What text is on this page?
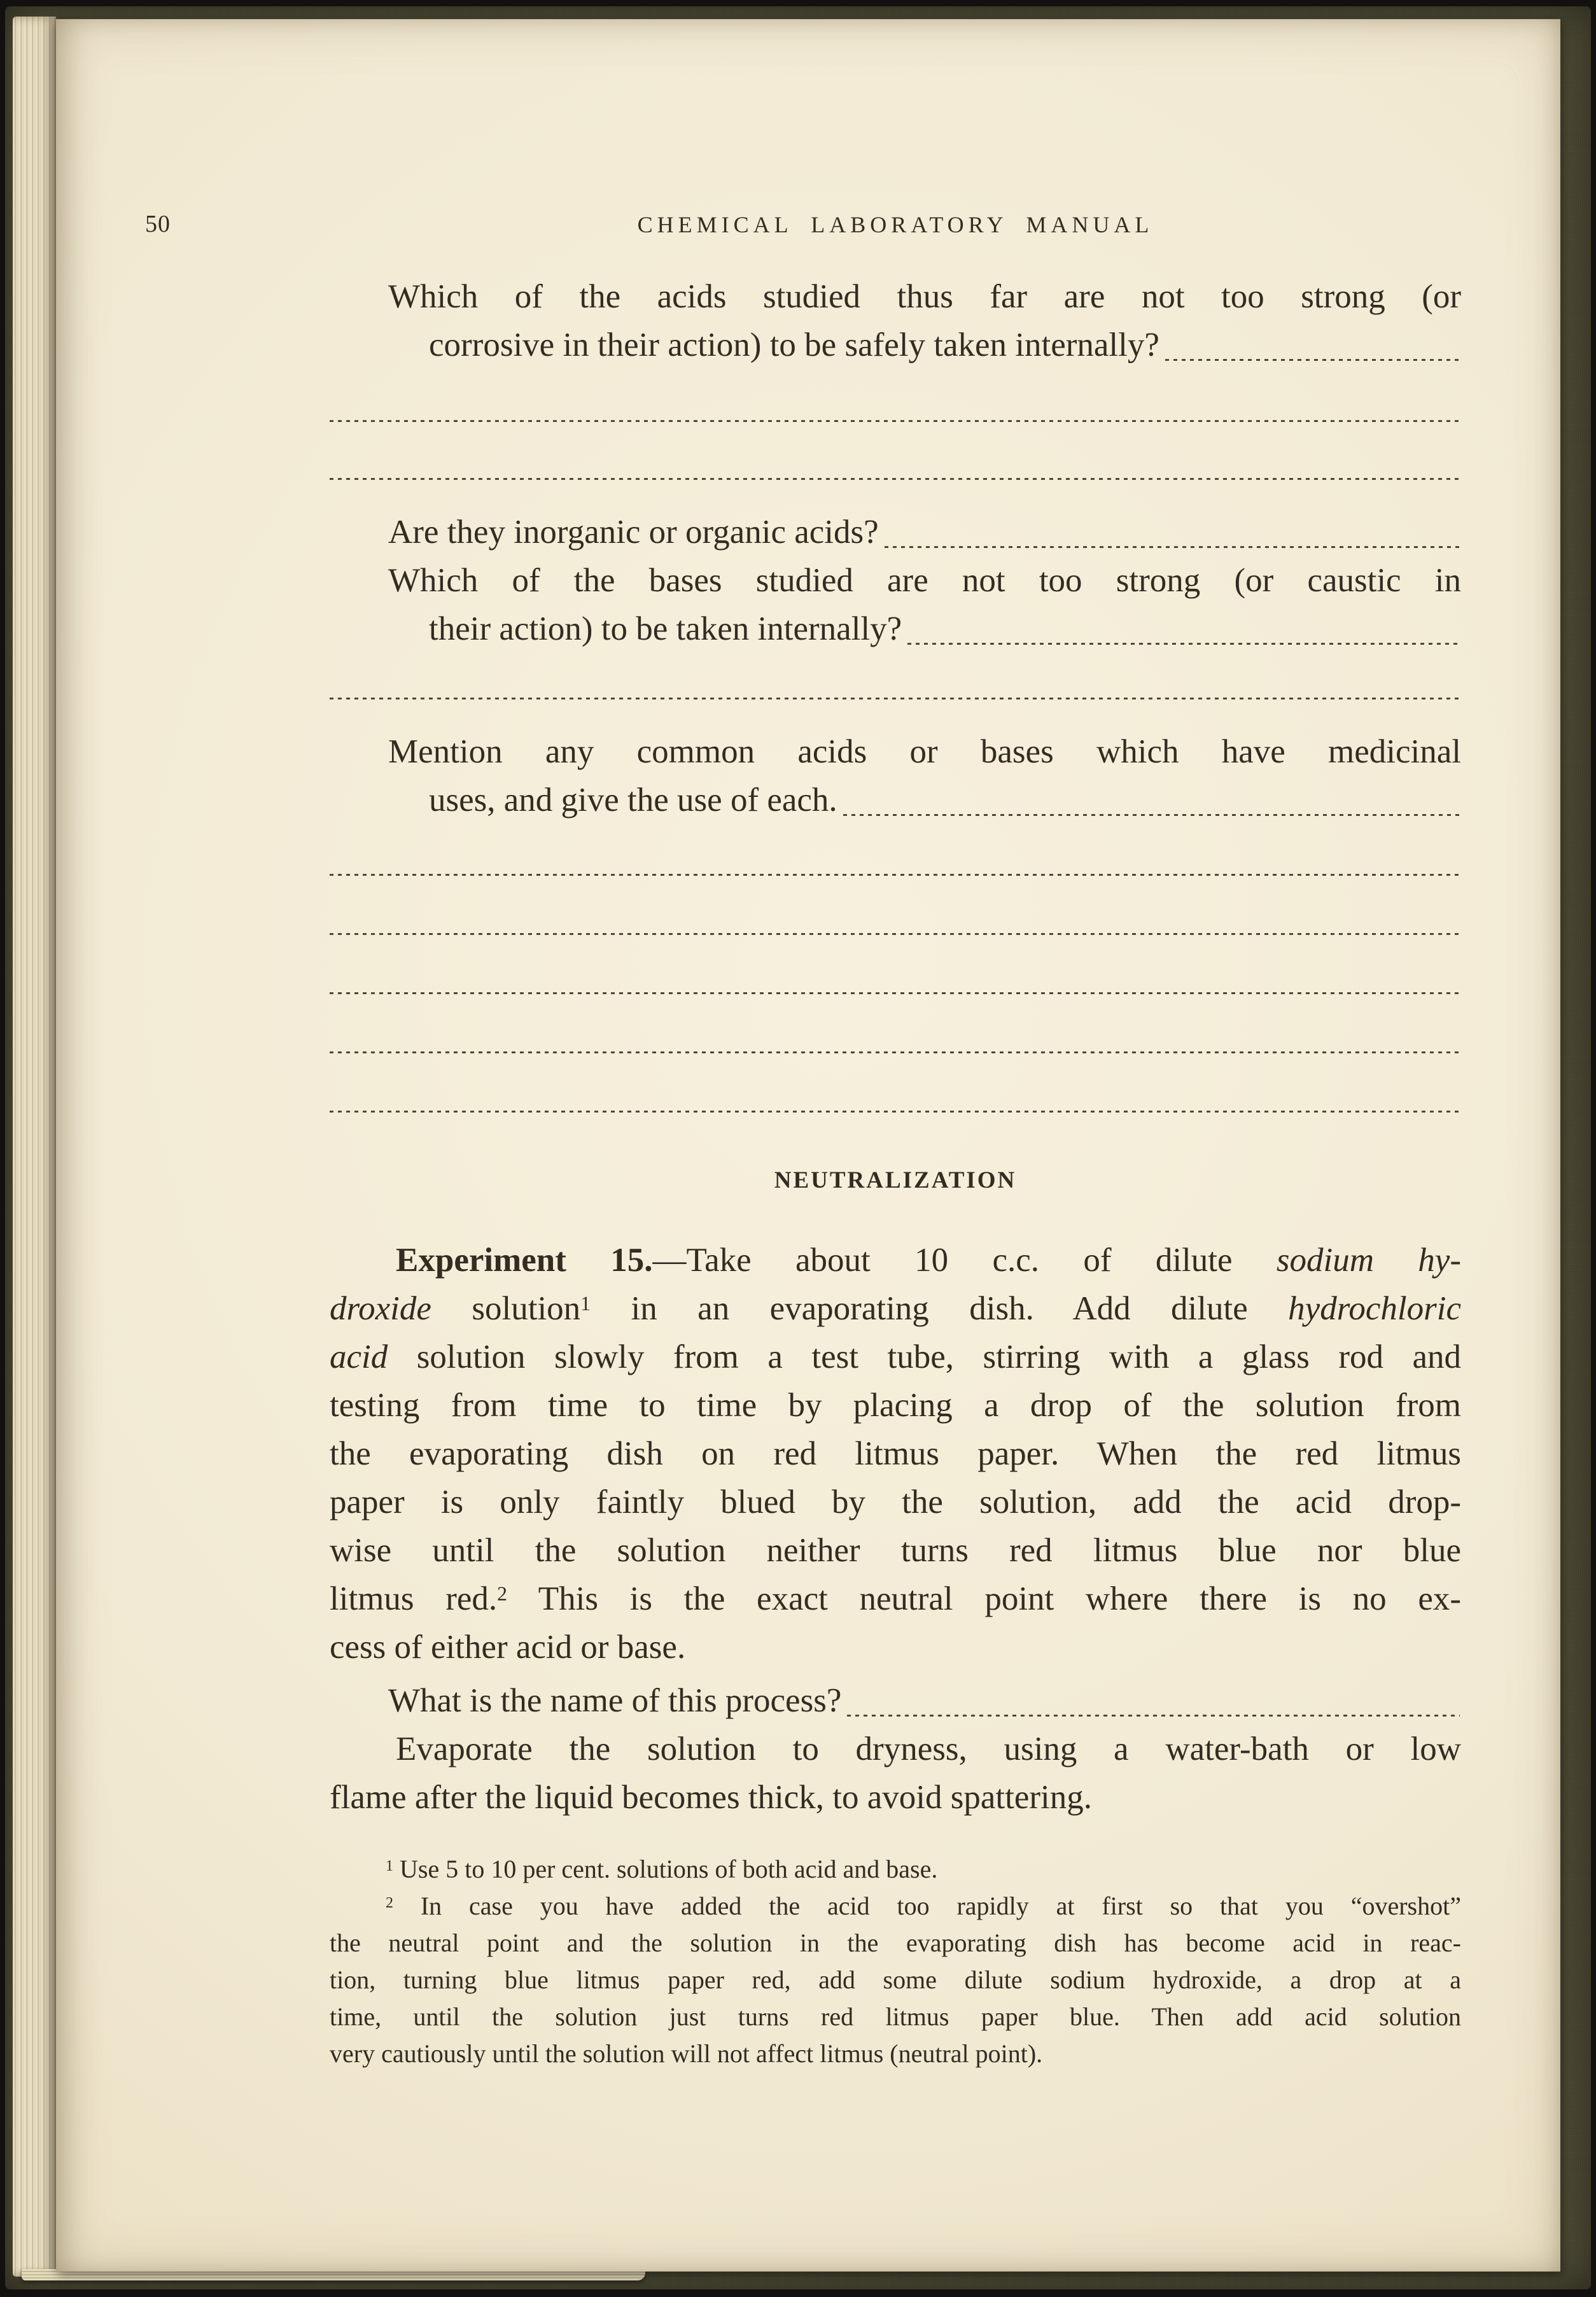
50	CHEMICAL LABORATORY MANUAL
Which of the acids studied thus far are not too strong (or
corrosive in their action) to be safely taken internally?
Are they inorganic or organic acids?
Which of the bases studied are not too strong (or caustic in
their action) to be taken internally?
Mention any common acids or bases which have medicinal
uses, and give the use of each.
NEUTRALIZATION
Experiment 15.—Take about 10 c.c. of dilute sodium hy-
droxide solution$^1$ in an evaporating dish. Add dilute hydrochloric
acid solution slowly from a test tube, stirring with a glass rod and
testing from time to time by placing a drop of the solution from
the evaporating dish on red litmus paper. When the red litmus
paper is only faintly blued by the solution, add the acid drop-
wise until the solution neither turns red litmus blue nor blue
litmus red.$^2$ This is the exact neutral point where there is no ex-
cess of either acid or base.
What is the name of this process?
Evaporate the solution to dryness, using a water-bath or low
flame after the liquid becomes thick, to avoid spattering.
$^1$ Use 5 to 10 per cent. solutions of both acid and base.
$^2$ In case you have added the acid too rapidly at first so that you “overshot”
the neutral point and the solution in the evaporating dish has become acid in reac-
tion, turning blue litmus paper red, add some dilute sodium hydroxide, a drop at a
time, until the solution just turns red litmus paper blue. Then add acid solution
very cautiously until the solution will not affect litmus (neutral point).
